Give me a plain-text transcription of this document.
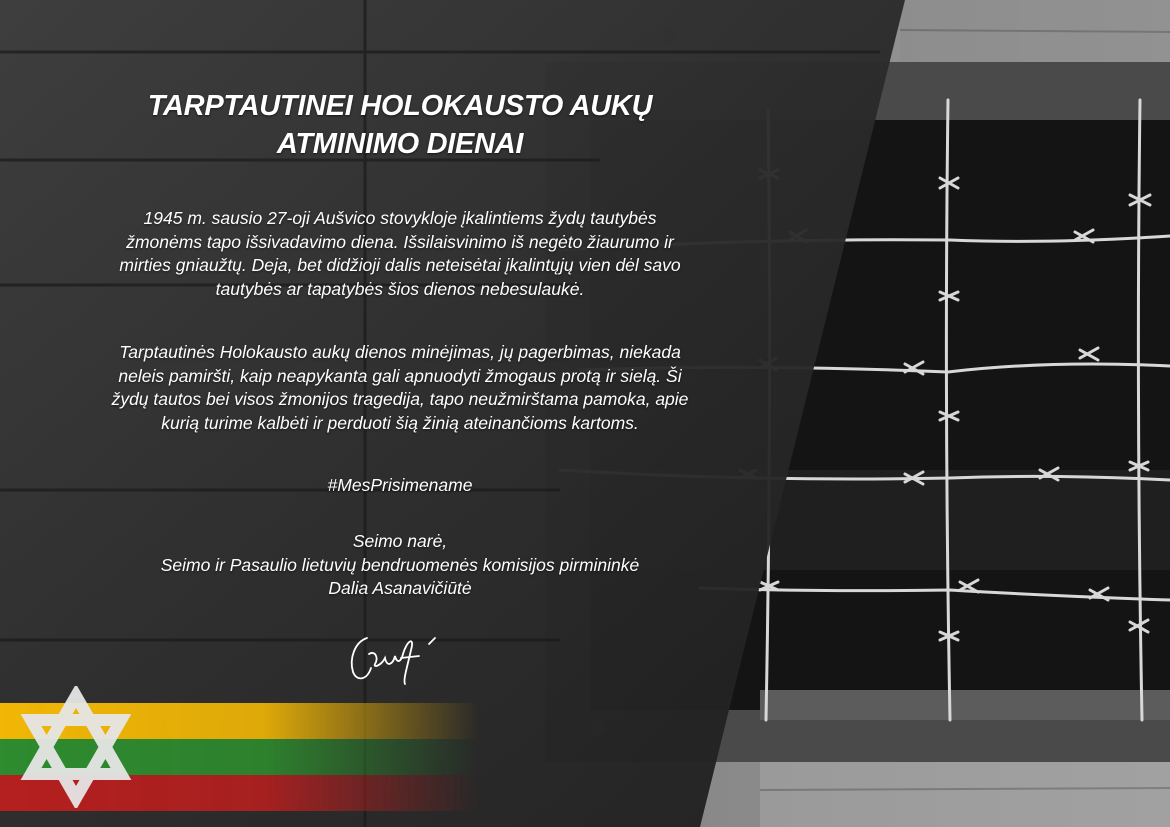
TARPTAUTINEI HOLOKAUSTO AUKŲ
ATMINIMO DIENAI
1945 m. sausio 27-oji Aušvico stovykloje įkalintiems žydų tautybės
žmonėms tapo išsivadavimo diena. Išsilaisvinimo iš negėto žiaurumo ir
mirties gniaužtų. Deja, bet didžioji dalis neteisėtai įkalintųjų vien dėl savo
tautybės ar tapatybės šios dienos nebesulaukė.
Tarptautinės Holokausto aukų dienos minėjimas, jų pagerbimas, niekada
neleis pamiršti, kaip neapykanta gali apnuodyti žmogaus protą ir sielą. Ši
žydų tautos bei visos žmonijos tragedija, tapo neužmirštama pamoka, apie
kurią turime kalbėti ir perduoti šią žinią ateinančioms kartoms.
#MesPrisimename
Seimo narė,
Seimo ir Pasaulio lietuvių bendruomenės komisijos pirmininkė
Dalia Asanavičiūtė
